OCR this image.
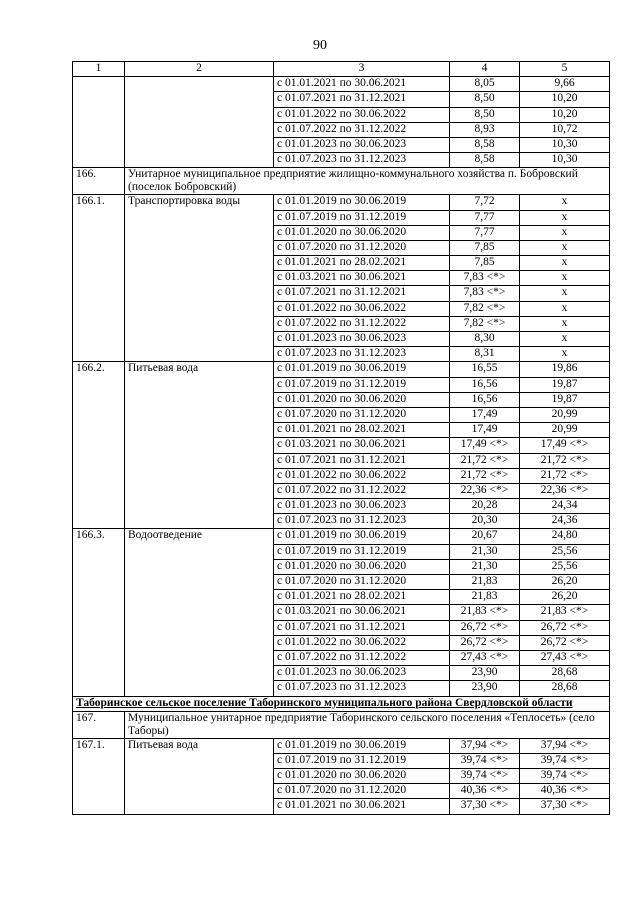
90
1	2	3	4	5
		с 01.01.2021 по 30.06.2021	8,05	9,66
		с 01.07.2021 по 31.12.2021	8,50	10,20
		с 01.01.2022 по 30.06.2022	8,50	10,20
		с 01.07.2022 по 31.12.2022	8,93	10,72
		с 01.01.2023 по 30.06.2023	8,58	10,30
		с 01.07.2023 по 31.12.2023	8,58	10,30
166.	Унитарное муниципальное предприятие жилищно-коммунального хозяйства п. Бобровский (поселок Бобровский)			
166.1.	Транспортировка воды	с 01.01.2019 по 30.06.2019	7,72	x
		с 01.07.2019 по 31.12.2019	7,77	x
		с 01.01.2020 по 30.06.2020	7,77	x
		с 01.07.2020 по 31.12.2020	7,85	x
		с 01.01.2021 по 28.02.2021	7,85	x
		с 01.03.2021 по 30.06.2021	7,83 <*>	x
		с 01.07.2021 по 31.12.2021	7,83 <*>	x
		с 01.01.2022 по 30.06.2022	7,82 <*>	x
		с 01.07.2022 по 31.12.2022	7,82 <*>	x
		с 01.01.2023 по 30.06.2023	8,30	x
		с 01.07.2023 по 31.12.2023	8,31	x
166.2.	Питьевая вода	с 01.01.2019 по 30.06.2019	16,55	19,86
		с 01.07.2019 по 31.12.2019	16,56	19,87
		с 01.01.2020 по 30.06.2020	16,56	19,87
		с 01.07.2020 по 31.12.2020	17,49	20,99
		с 01.01.2021 по 28.02.2021	17,49	20,99
		с 01.03.2021 по 30.06.2021	17,49 <*>	17,49 <*>
		с 01.07.2021 по 31.12.2021	21,72 <*>	21,72 <*>
		с 01.01.2022 по 30.06.2022	21,72 <*>	21,72 <*>
		с 01.07.2022 по 31.12.2022	22,36 <*>	22,36 <*>
		с 01.01.2023 по 30.06.2023	20,28	24,34
		с 01.07.2023 по 31.12.2023	20,30	24,36
166.3.	Водоотведение	с 01.01.2019 по 30.06.2019	20,67	24,80
		с 01.07.2019 по 31.12.2019	21,30	25,56
		с 01.01.2020 по 30.06.2020	21,30	25,56
		с 01.07.2020 по 31.12.2020	21,83	26,20
		с 01.01.2021 по 28.02.2021	21,83	26,20
		с 01.03.2021 по 30.06.2021	21,83 <*>	21,83 <*>
		с 01.07.2021 по 31.12.2021	26,72 <*>	26,72 <*>
		с 01.01.2022 по 30.06.2022	26,72 <*>	26,72 <*>
		с 01.07.2022 по 31.12.2022	27,43 <*>	27,43 <*>
		с 01.01.2023 по 30.06.2023	23,90	28,68
		с 01.07.2023 по 31.12.2023	23,90	28,68
Таборинское сельское поселение Таборинского муниципального района Свердловской области				
167.	Муниципальное унитарное предприятие Таборинского сельского поселения «Теплосеть» (село Таборы)			
167.1.	Питьевая вода	с 01.01.2019 по 30.06.2019	37,94 <*>	37,94 <*>
		с 01.07.2019 по 31.12.2019	39,74 <*>	39,74 <*>
		с 01.01.2020 по 30.06.2020	39,74 <*>	39,74 <*>
		с 01.07.2020 по 31.12.2020	40,36 <*>	40,36 <*>
		с 01.01.2021 по 30.06.2021	37,30 <*>	37,30 <*>
